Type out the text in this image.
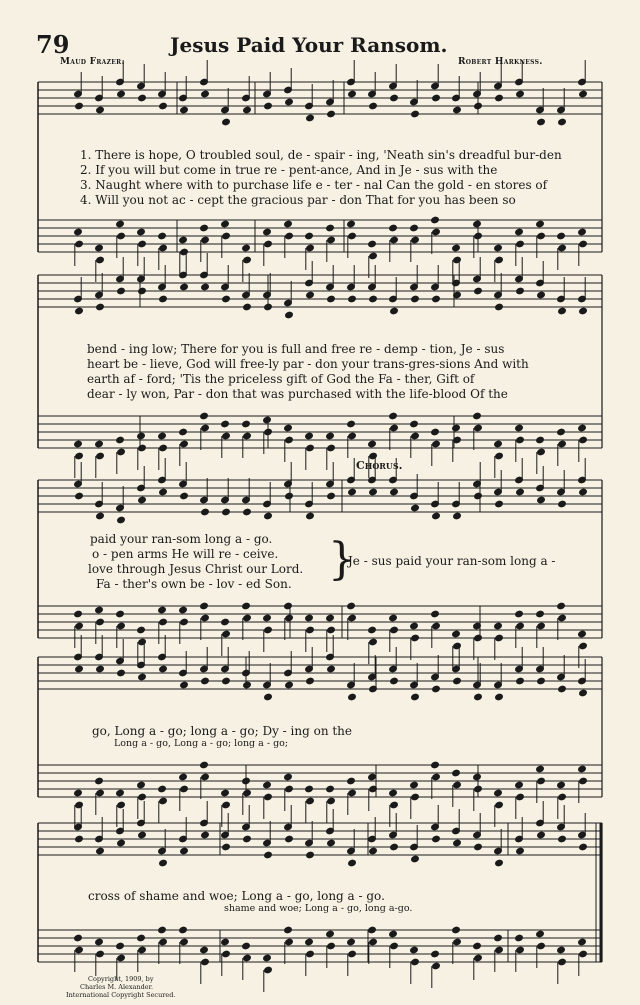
79	Jesus Paid Your Ransom.
Maud Frazer.	Robert Harkness.
1. There is hope, O troubled soul, de - spair - ing, 'Neath sin's dreadful bur-den
2. If you will but come in true re - pent-ance, And in Je - sus with the
3. Naught where with to purchase life e - ter - nal Can the gold - en stores of
4. Will you not ac - cept the gracious par - don That for you has been so
bend - ing low; There for you is full and free re - demp - tion, Je - sus
heart be - lieve, God will free-ly par - don your trans-gres-sions And with
earth af - ford; 'Tis the priceless gift of God the Fa - ther, Gift of
dear - ly won, Par - don that was purchased with the life-blood Of the
Chorus.
paid your ran-som long a - go.
o - pen arms He will re - ceive.
love through Jesus Christ our Lord.
Fa - ther's own be - lov - ed Son. }
Je - sus paid your ran-som long a -
go, Long a - go; long a - go; Dy - ing on the
Long a - go, Long a - go; long a - go;
cross of shame and woe; Long a - go, long a - go.
shame and woe; Long a - go, long a-go.
Copyright, 1909, by
Charles M. Alexander.
International Copyright Secured.
